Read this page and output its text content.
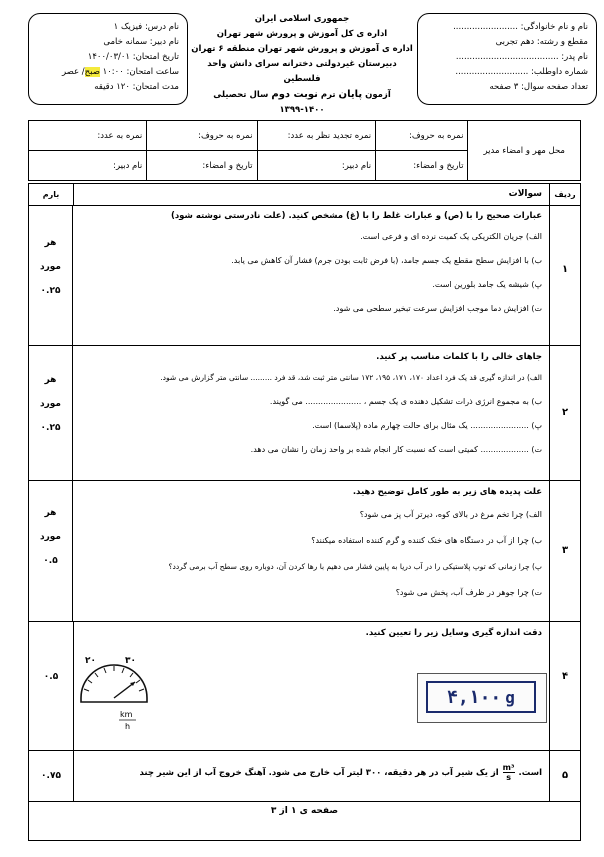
نام و نام خانوادگی: ........................
مقطع و رشته: دهم تجربی
نام پدر: ......................................
شماره داوطلب: ...........................
تعداد صفحه سوال: ۳ صفحه
جمهوری اسلامی ایران
اداره ی کل آموزش و پرورش شهر تهران
اداره ی آموزش و پرورش شهر تهران منطقه ۶ تهران
دبیرستان غیردولتی دخترانه سرای دانش واحد فلسطین
آزمون پایان ترم نوبت دوم سال تحصیلی ۱۴۰۰-۱۳۹۹
نام درس: فیزیک ۱
نام دبیر: سمانه خامی
تاریخ امتحان: ۱۴۰۰/۰۳/۰۱
ساعت امتحان: ۱۰:۰۰ صبح/ عصر
مدت امتحان: ۱۲۰ دقیقه
نمره به عدد:	نمره به حروف:	نمره تجدید نظر به عدد:	نمره به حروف:	محل مهر و امضاء مدیر
نام دبیر:	تاریخ و امضاء:	نام دبیر:	تاریخ و امضاء:	
ردیف
سوالات
بارم
۱
عبارات صحیح را با (ص) و عبارات غلط را با (غ) مشخص کنید. (علت نادرستی نوشته شود)
الف) جریان الکتریکی یک کمیت نرده ای و فرعی است.
ب) با افزایش سطح مقطع یک جسم جامد، (با فرض ثابت بودن جرم) فشار آن کاهش می یابد.
پ) شیشه یک جامد بلورین است.
ت) افزایش دما موجب افزایش سرعت تبخیر سطحی می شود.
هر
مورد
۰.۲۵
۲
جاهای خالی را با کلمات مناسب پر کنید.
الف) در اندازه گیری قد یک فرد اعداد ۱۷۰، ۱۷۱، ۱۹۵، ۱۷۲ سانتی متر ثبت شد، قد فرد ......... سانتی متر گزارش می شود.
ب) به مجموع انرژی ذرات تشکیل دهنده ی یک جسم ، ...................... می گویند.
پ) ....................... یک مثال برای حالت چهارم ماده (پلاسما) است.
ت) ................... کمیتی است که نسبت کار انجام شده بر واحد زمان را نشان می دهد.
هر
مورد
۰.۲۵
۳
علت پدیده های زیر به طور کامل توضیح دهید.
الف) چرا تخم مرغ در بالای کوه، دیرتر آب پز می شود؟
ب) چرا از آب در دستگاه های خنک کننده و گرم کننده استفاده میکنند؟
پ) چرا زمانی که توپ پلاستیکی را در آب دریا به پایین فشار می دهیم با رها کردن آن، دوباره روی سطح آب برمی گردد؟
ت) چرا جوهر در ظرف آب، پخش می شود؟
هر
مورد
۰.۵
۴
دقت اندازه گیری وسایل زیر را تعیین کنید.
۴,۱۰۰ g
۲۰	۳۰
km
h
۰.۵
۵
از یک شیر آب در هر دقیقه، ۳۰۰ لیتر آب خارج می شود. آهنگ خروج آب از این شیر چند $\frac{\text{m³}}{s}$ است.
۰.۷۵
صفحه ی ۱ از ۳
